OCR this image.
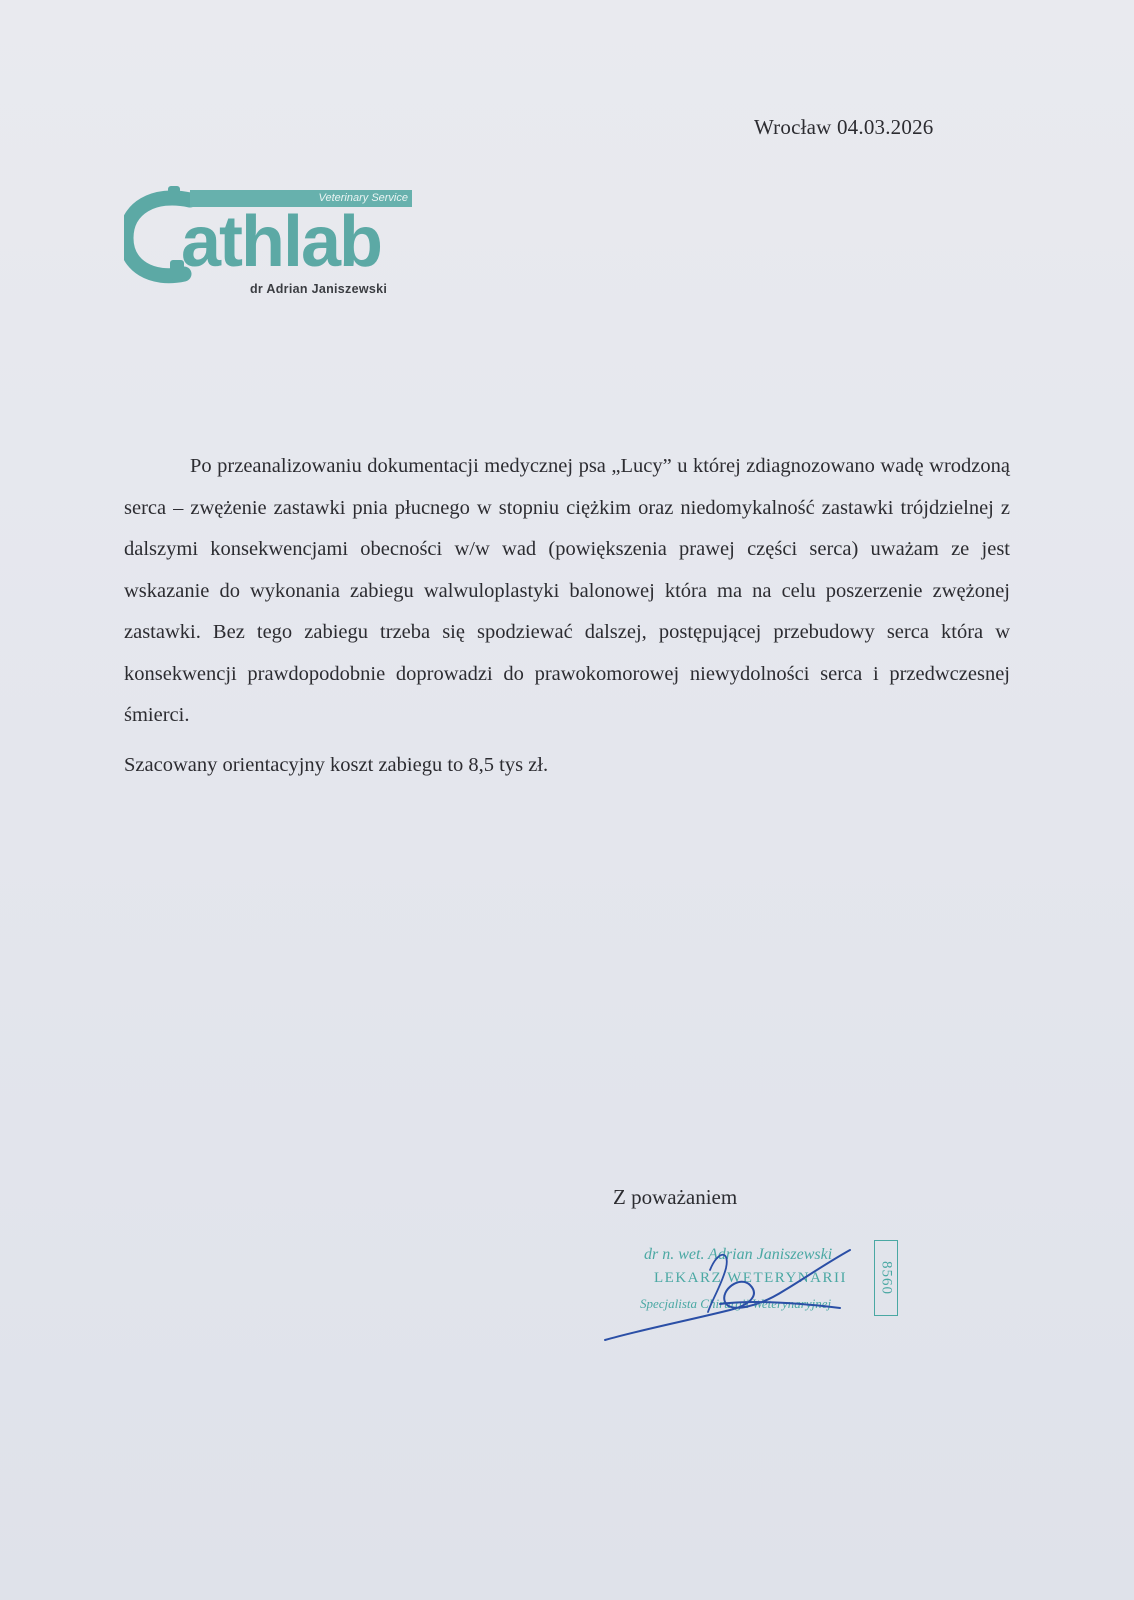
Wrocław 04.03.2026
Veterinary Service
athlab
dr Adrian Janiszewski

Po przeanalizowaniu dokumentacji medycznej psa „Lucy” u której zdiagnozowano wadę wrodzoną serca – zwężenie zastawki pnia płucnego w stopniu ciężkim oraz niedomykalność zastawki trójdzielnej z dalszymi konsekwencjami obecności w/w wad (powiększenia prawej części serca) uważam ze jest wskazanie do wykonania zabiegu walwuloplastyki balonowej która ma na celu poszerzenie zwężonej zastawki. Bez tego zabiegu trzeba się spodziewać dalszej, postępującej przebudowy serca która w konsekwencji prawdopodobnie doprowadzi do prawokomorowej niewydolności serca i przedwczesnej śmierci.

Szacowany orientacyjny koszt zabiegu to 8,5 tys zł.

Z poważaniem
dr n. wet. Adrian Janiszewski
LEKARZ WETERYNARII
Specjalista Chirurgii Weterynaryjnej
8560
